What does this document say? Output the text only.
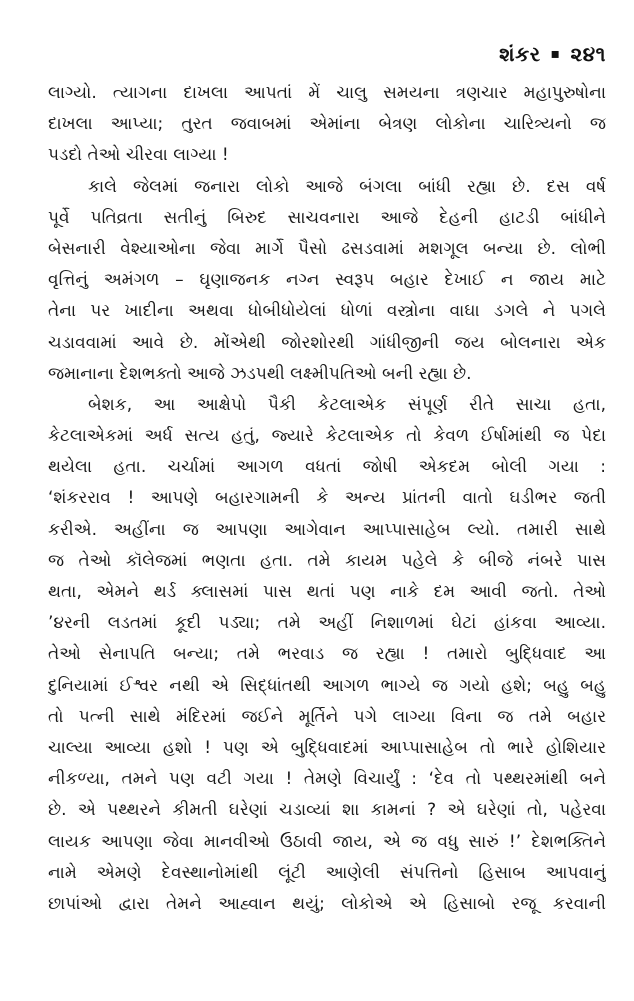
શંકર ▪ ૨૪૧
લાગ્યો. ત્યાગના દાખલા આપતાં મેં ચાલુ સમયના ત્રણચાર મહાપુરુષોના
દાખલા આપ્યા; તુરત જવાબમાં એમાંના બેત્રણ લોકોના ચારિત્ર્યનો જ
પડદો તેઓ ચીરવા લાગ્યા !
કાલે જેલમાં જનારા લોકો આજે બંગલા બાંધી રહ્યા છે. દસ વર્ષ
પૂર્વે પતિવ્રતા સતીનું બિરુદ સાચવનારા આજે દેહની હાટડી બાંધીને
બેસનારી વેશ્યાઓના જેવા માર્ગે પૈસો ઢસડવામાં મશગૂલ બન્યા છે. લોભી
વૃત્તિનું અમંગળ – ઘૃણાજનક નગ્ન સ્વરૂપ બહાર દેખાઈ ન જાય માટે
તેના પર ખાદીના અથવા ધોબીધોયેલાં ધોળાં વસ્ત્રોના વાઘા ડગલે ને પગલે
ચડાવવામાં આવે છે. મોંએથી જોરશોરથી ગાંધીજીની જય બોલનારા એક
જમાનાના દેશભક્તો આજે ઝડપથી લક્ષ્મીપતિઓ બની રહ્યા છે.
બેશક, આ આક્ષેપો પૈકી કેટલાએક સંપૂર્ણ રીતે સાચા હતા,
કેટલાએકમાં અર્ધ સત્ય હતું, જ્યારે કેટલાએક તો કેવળ ઈર્ષામાંથી જ પેદા
થયેલા હતા. ચર્ચામાં આગળ વધતાં જોષી એકદમ બોલી ગયા :
‘શંકરરાવ ! આપણે બહારગામની કે અન્ય પ્રાંતની વાતો ઘડીભર જતી
કરીએ. અહીંના જ આપણા આગેવાન આપ્પાસાહેબ લ્યો. તમારી સાથે
જ તેઓ કૉલેજમાં ભણતા હતા. તમે કાયમ પહેલે કે બીજે નંબરે પાસ
થતા, એમને થર્ડ ક્લાસમાં પાસ થતાં પણ નાકે દમ આવી જતો. તેઓ
’૪રની લડતમાં કૂદી પડ્યા; તમે અહીં નિશાળમાં ઘેટાં હાંકવા આવ્યા.
તેઓ સેનાપતિ બન્યા; તમે ભરવાડ જ રહ્યા ! તમારો બુદ્ધિવાદ આ
દુનિયામાં ઈશ્વર નથી એ સિદ્ધાંતથી આગળ ભાગ્યે જ ગયો હશે; બહુ બહુ
તો પત્ની સાથે મંદિરમાં જઈને મૂર્તિને પગે લાગ્યા વિના જ તમે બહાર
ચાલ્યા આવ્યા હશો ! પણ એ બુદ્ધિવાદમાં આપ્પાસાહેબ તો ભારે હોશિયાર
નીકળ્યા, તમને પણ વટી ગયા ! તેમણે વિચાર્યું : ‘દેવ તો પથ્થરમાંથી બને
છે. એ પથ્થરને કીમતી ઘરેણાં ચડાવ્યાં શા કામનાં ? એ ઘરેણાં તો, પહેરવા
લાયક આપણા જેવા માનવીઓ ઉઠાવી જાય, એ જ વધુ સારું !’ દેશભક્તિને
નામે એમણે દેવસ્થાનોમાંથી લૂંટી આણેલી સંપત્તિનો હિસાબ આપવાનું
છાપાંઓ દ્વારા તેમને આહ્વાન થયું; લોકોએ એ હિસાબો રજૂ કરવાની
